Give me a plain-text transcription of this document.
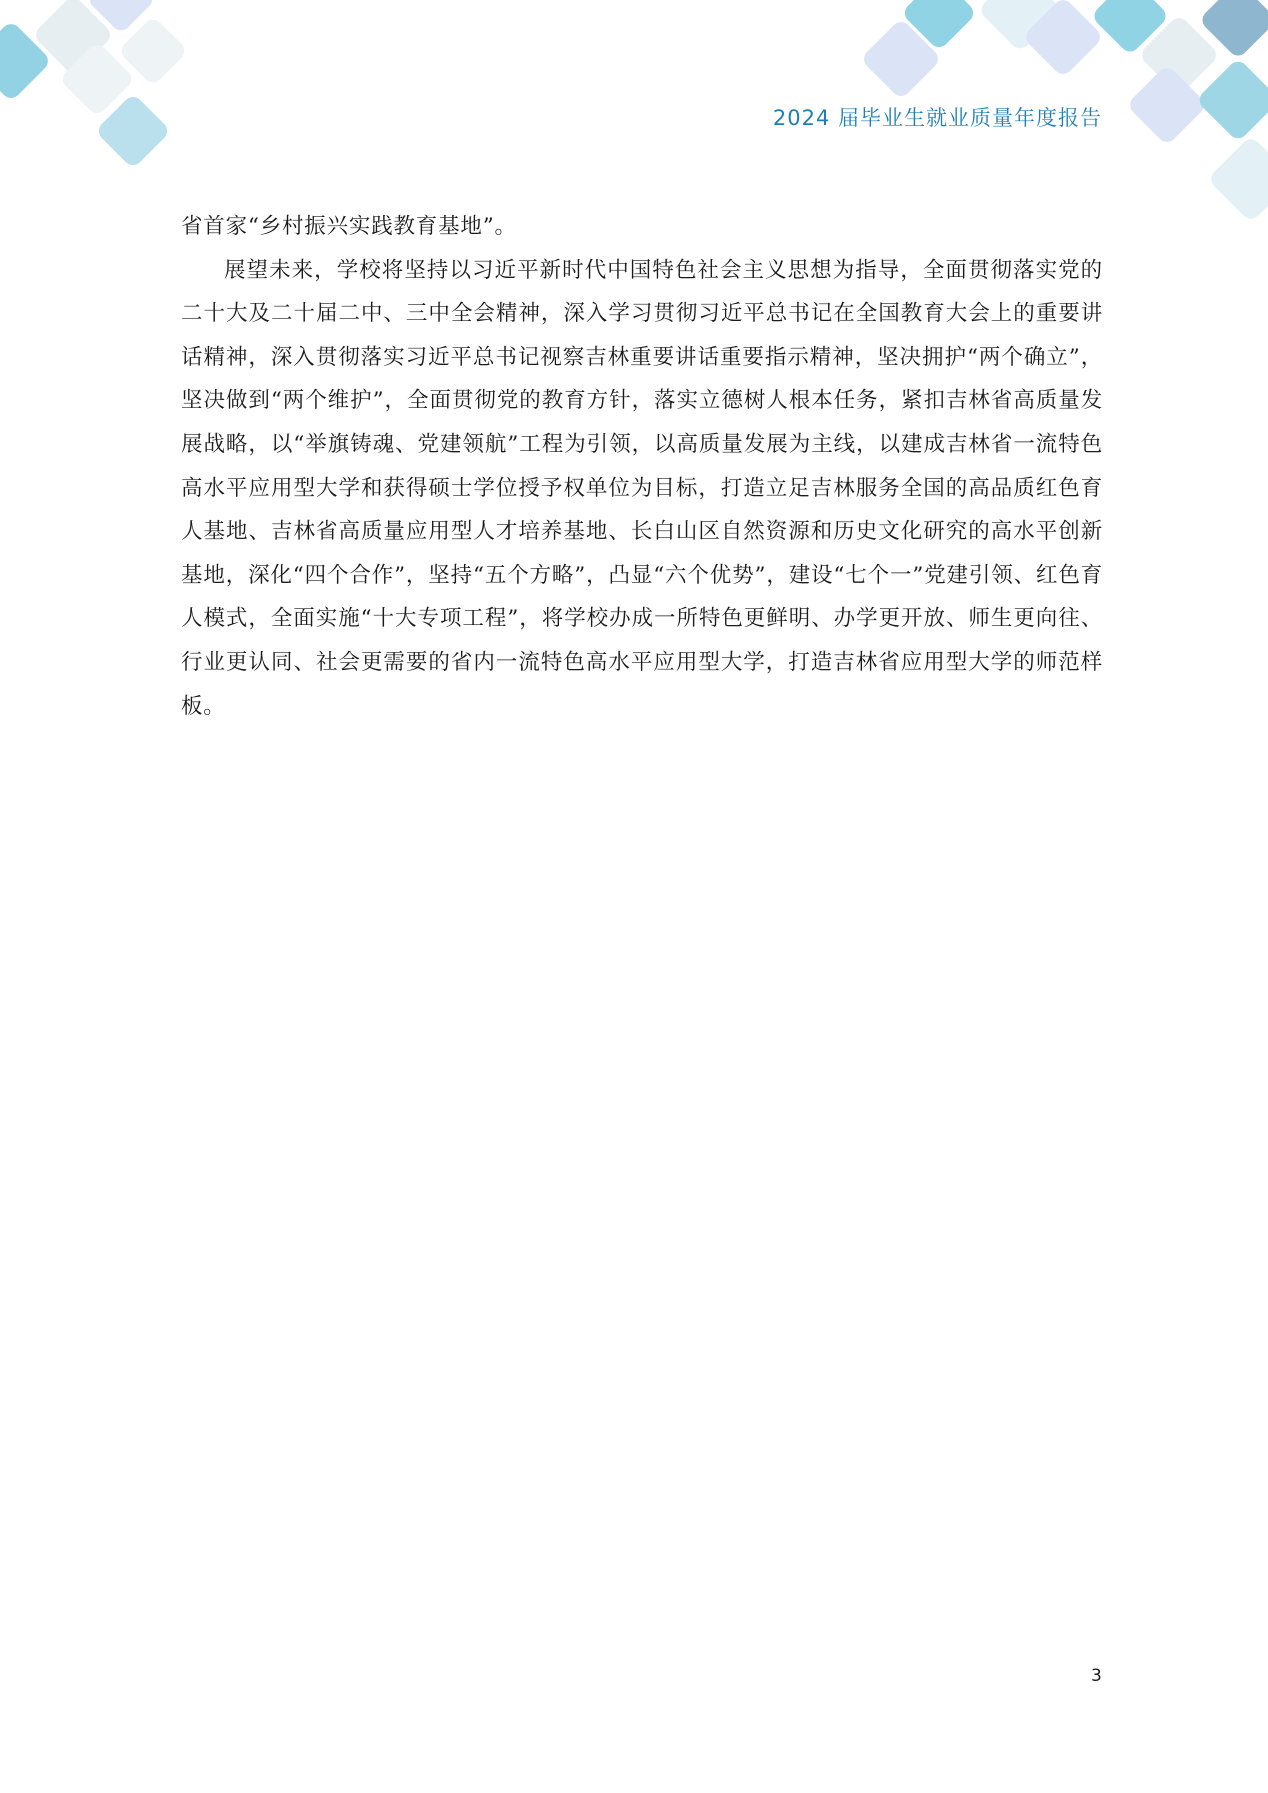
2024 届毕业生就业质量年度报告

省首家“乡村振兴实践教育基地”。

展望未来，学校将坚持以习近平新时代中国特色社会主义思想为指导，全面贯彻落实党的二十大及二十届二中、三中全会精神，深入学习贯彻习近平总书记在全国教育大会上的重要讲话精神，深入贯彻落实习近平总书记视察吉林重要讲话重要指示精神，坚决拥护“两个确立”，坚决做到“两个维护”，全面贯彻党的教育方针，落实立德树人根本任务，紧扣吉林省高质量发展战略，以“举旗铸魂、党建领航”工程为引领，以高质量发展为主线，以建成吉林省一流特色高水平应用型大学和获得硕士学位授予权单位为目标，打造立足吉林服务全国的高品质红色育人基地、吉林省高质量应用型人才培养基地、长白山区自然资源和历史文化研究的高水平创新基地，深化“四个合作”，坚持“五个方略”，凸显“六个优势”，建设“七个一”党建引领、红色育人模式，全面实施“十大专项工程”，将学校办成一所特色更鲜明、办学更开放、师生更向往、行业更认同、社会更需要的省内一流特色高水平应用型大学，打造吉林省应用型大学的师范样板。

3
